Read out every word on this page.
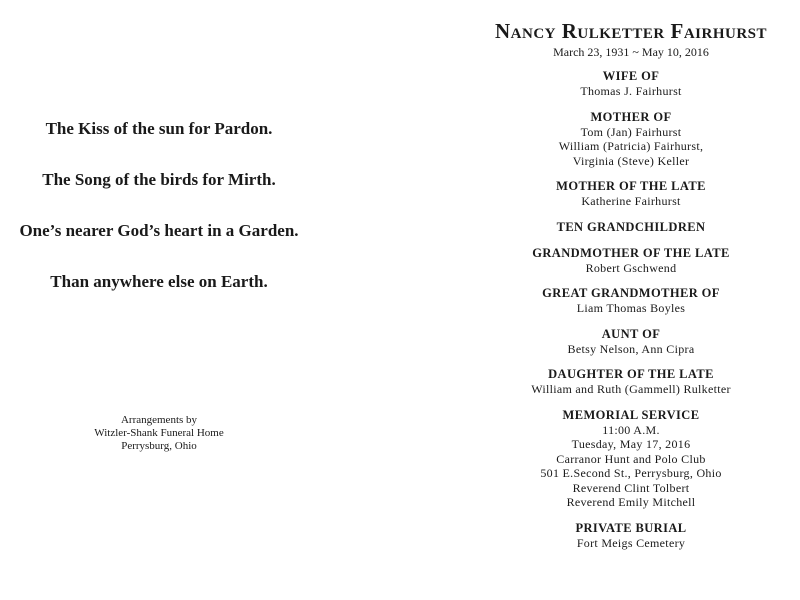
The Kiss of the sun for Pardon.
The Song of the birds for Mirth.
One’s nearer God’s heart in a Garden.
Than anywhere else on Earth.
Arrangements by
Witzler-Shank Funeral Home
Perrysburg, Ohio
Nancy Rulketter Fairhurst
March 23, 1931 ~ May 10, 2016
WIFE OF
Thomas J. Fairhurst
MOTHER OF
Tom (Jan) Fairhurst
William (Patricia) Fairhurst,
Virginia (Steve) Keller
MOTHER OF THE LATE
Katherine Fairhurst
TEN GRANDCHILDREN
GRANDMOTHER OF THE LATE
Robert Gschwend
GREAT GRANDMOTHER OF
Liam Thomas Boyles
AUNT OF
Betsy Nelson, Ann Cipra
DAUGHTER OF THE LATE
William and Ruth (Gammell) Rulketter
MEMORIAL SERVICE
11:00 A.M.
Tuesday, May 17, 2016
Carranor Hunt and Polo Club
501 E.Second St., Perrysburg, Ohio
Reverend Clint Tolbert
Reverend Emily Mitchell
PRIVATE BURIAL
Fort Meigs Cemetery
